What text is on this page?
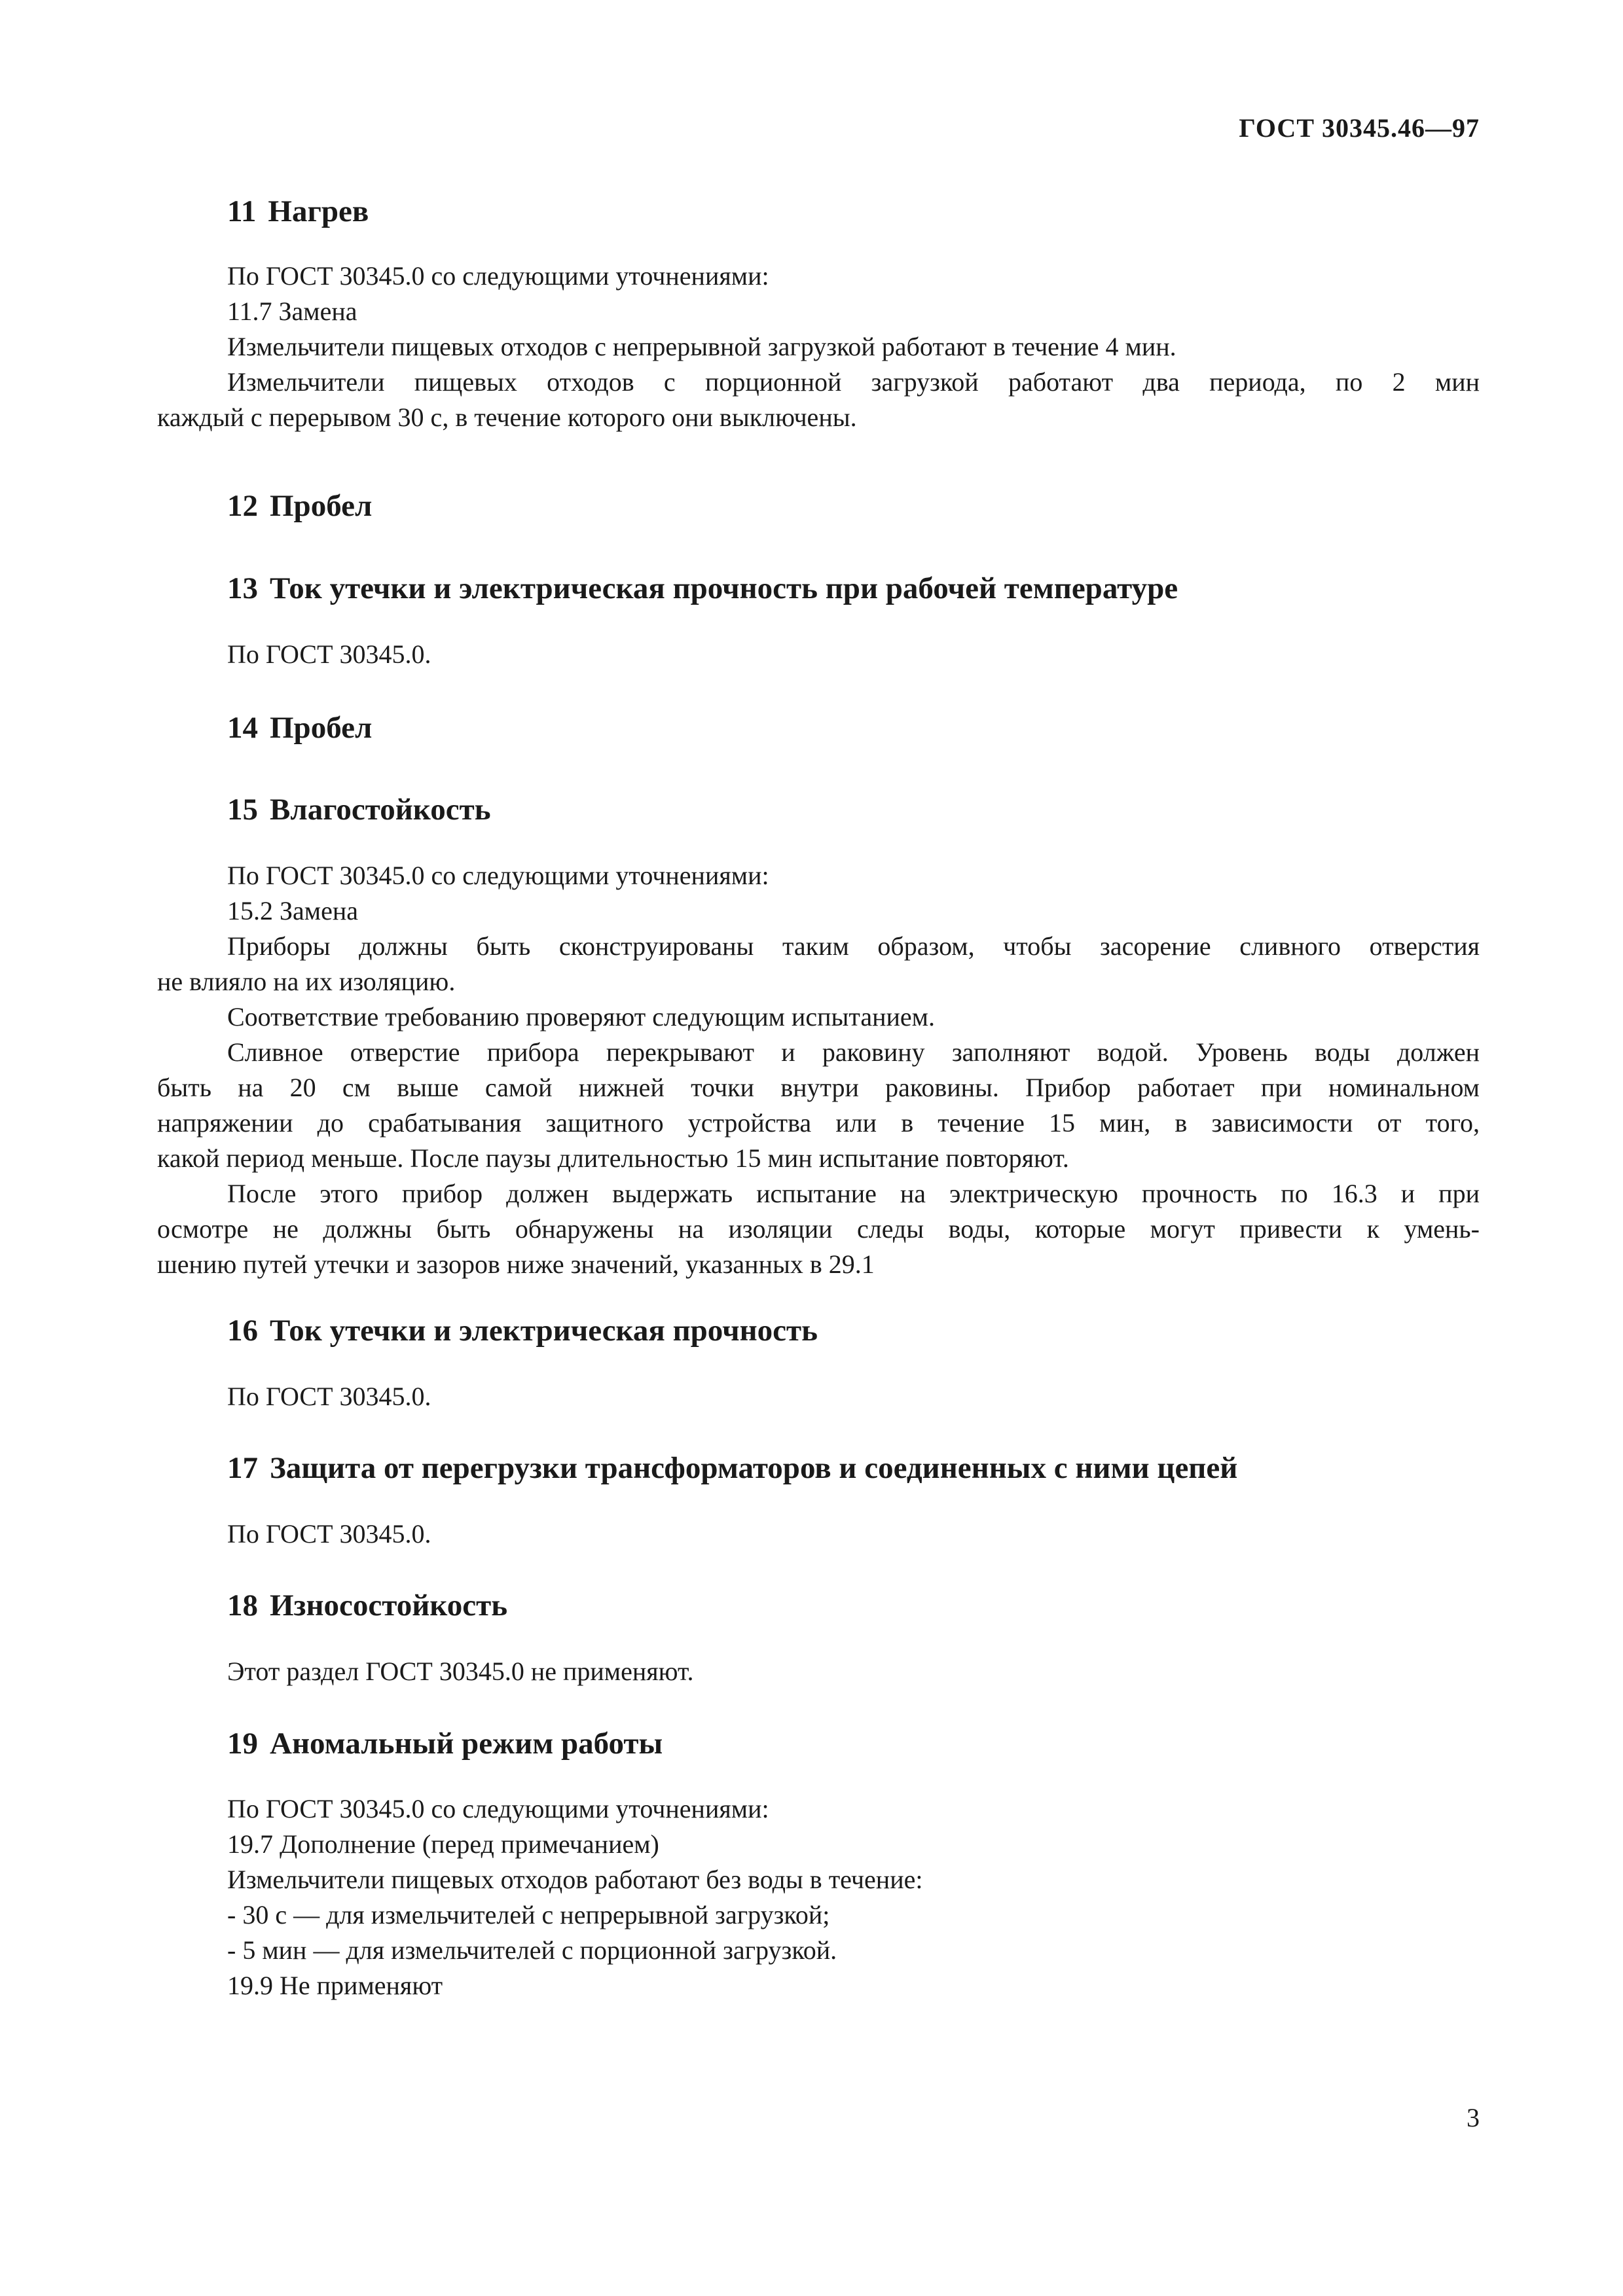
ГОСТ 30345.46—97
11 Нагрев
По ГОСТ 30345.0 со следующими уточнениями:
11.7 Замена
Измельчители пищевых отходов с непрерывной загрузкой работают в течение 4 мин.
Измельчители пищевых отходов с порционной загрузкой работают два периода, по 2 мин
каждый с перерывом 30 с, в течение которого они выключены.
12 Пробел
13 Ток утечки и электрическая прочность при рабочей температуре
По ГОСТ 30345.0.
14 Пробел
15 Влагостойкость
По ГОСТ 30345.0 со следующими уточнениями:
15.2 Замена
Приборы должны быть сконструированы таким образом, чтобы засорение сливного отверстия
не влияло на их изоляцию.
Соответствие требованию проверяют следующим испытанием.
Сливное отверстие прибора перекрывают и раковину заполняют водой. Уровень воды должен
быть на 20 см выше самой нижней точки внутри раковины. Прибор работает при номинальном
напряжении до срабатывания защитного устройства или в течение 15 мин, в зависимости от того,
какой период меньше. После паузы длительностью 15 мин испытание повторяют.
После этого прибор должен выдержать испытание на электрическую прочность по 16.3 и при
осмотре не должны быть обнаружены на изоляции следы воды, которые могут привести к умень-
шению путей утечки и зазоров ниже значений, указанных в 29.1
16 Ток утечки и электрическая прочность
По ГОСТ 30345.0.
17 Защита от перегрузки трансформаторов и соединенных с ними цепей
По ГОСТ 30345.0.
18 Износостойкость
Этот раздел ГОСТ 30345.0 не применяют.
19 Аномальный режим работы
По ГОСТ 30345.0 со следующими уточнениями:
19.7 Дополнение (перед примечанием)
Измельчители пищевых отходов работают без воды в течение:
- 30 с — для измельчителей с непрерывной загрузкой;
- 5 мин — для измельчителей с порционной загрузкой.
19.9 Не применяют
3
